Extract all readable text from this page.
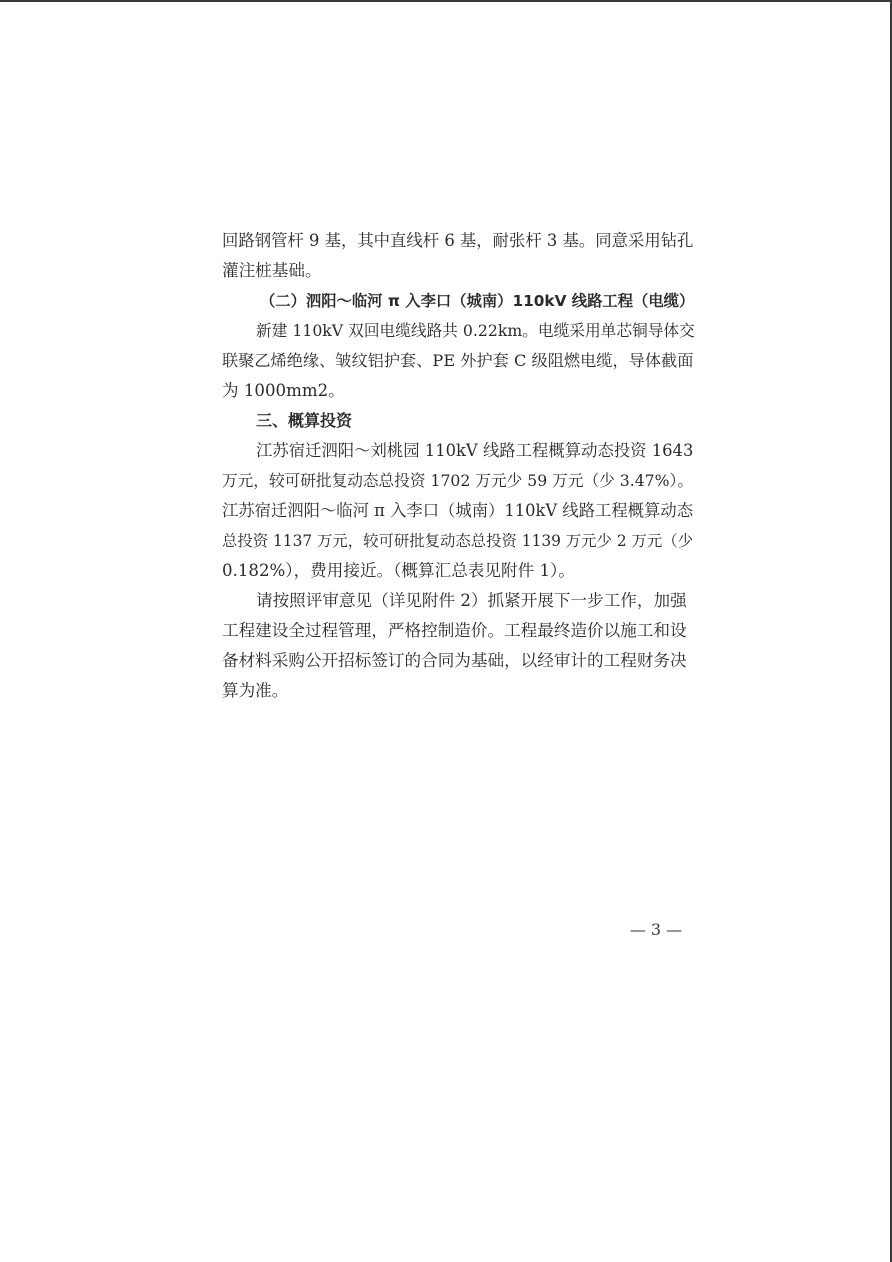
回路钢管杆 9 基，其中直线杆 6 基，耐张杆 3 基。同意采用钻孔
灌注桩基础。
（二）泗阳～临河 π 入李口（城南）110kV 线路工程（电缆）
新建 110kV 双回电缆线路共 0.22km。电缆采用单芯铜导体交
联聚乙烯绝缘、皱纹铝护套、PE 外护套 C 级阻燃电缆，导体截面
为 1000mm2。
三、概算投资
江苏宿迁泗阳～刘桃园 110kV 线路工程概算动态投资 1643
万元，较可研批复动态总投资 1702 万元少 59 万元（少 3.47%）。
江苏宿迁泗阳～临河 π 入李口（城南）110kV 线路工程概算动态
总投资 1137 万元，较可研批复动态总投资 1139 万元少 2 万元（少
0.182%），费用接近。（概算汇总表见附件 1）。
请按照评审意见（详见附件 2）抓紧开展下一步工作，加强
工程建设全过程管理，严格控制造价。工程最终造价以施工和设
备材料采购公开招标签订的合同为基础，以经审计的工程财务决
算为准。
— 3 —
